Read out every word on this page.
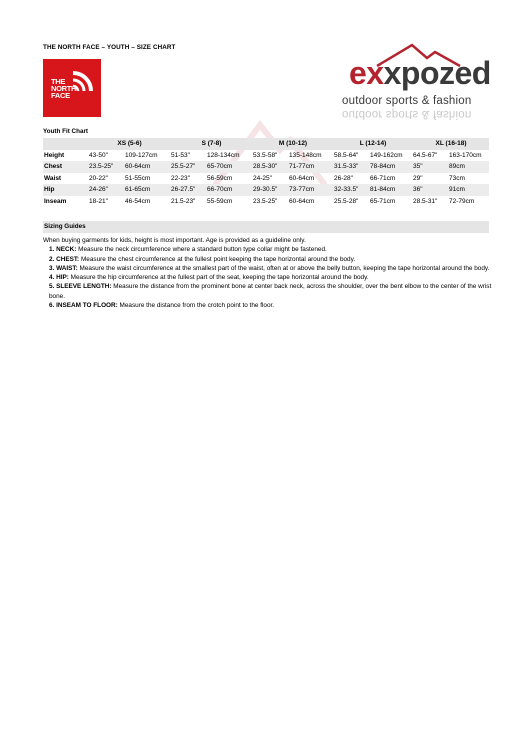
THE NORTH FACE – YOUTH – SIZE CHART
THE
NORTH
FACE
exxpozed
outdoor sports & fashion
outdoor sports & fashion
Youth Fit Chart
	XS (5-6)		S (7-8)		M (10-12)		L (12-14)		XL (16-18)	
Height	43-50"	109-127cm	51-53"	128-134cm	53.5-58"	135-148cm	58.5-64"	149-162cm	64.5-67"	163-170cm
Chest	23.5-25"	60-64cm	25.5-27"	65-70cm	28.5-30"	71-77cm	31.5-33"	78-84cm	35"	89cm
Waist	20-22"	51-55cm	22-23"	56-59cm	24-25"	60-64cm	26-28"	66-71cm	29"	73cm
Hip	24-26"	61-65cm	26-27.5"	66-70cm	29-30.5"	73-77cm	32-33.5"	81-84cm	36"	91cm
Inseam	18-21"	46-54cm	21.5-23"	55-59cm	23.5-25"	60-64cm	25.5-28"	65-71cm	28.5-31"	72-79cm
Sizing Guides

When buying garments for kids, height is most important. Age is provided as a guideline only.

1. NECK: Measure the neck circumference where a standard button type collar might be fastened.

2. CHEST: Measure the chest circumference at the fullest point keeping the tape horizontal around the body.

3. WAIST: Measure the waist circumference at the smallest part of the waist, often at or above the belly button, keeping the tape horizontal around the body.

4. HIP: Measure the hip circumference at the fullest part of the seat, keeping the tape horizontal around the body.

5. SLEEVE LENGTH: Measure the distance from the prominent bone at center back neck, across the shoulder, over the bent elbow to the center of the wrist bone.

6. INSEAM TO FLOOR: Measure the distance from the crotch point to the floor.
